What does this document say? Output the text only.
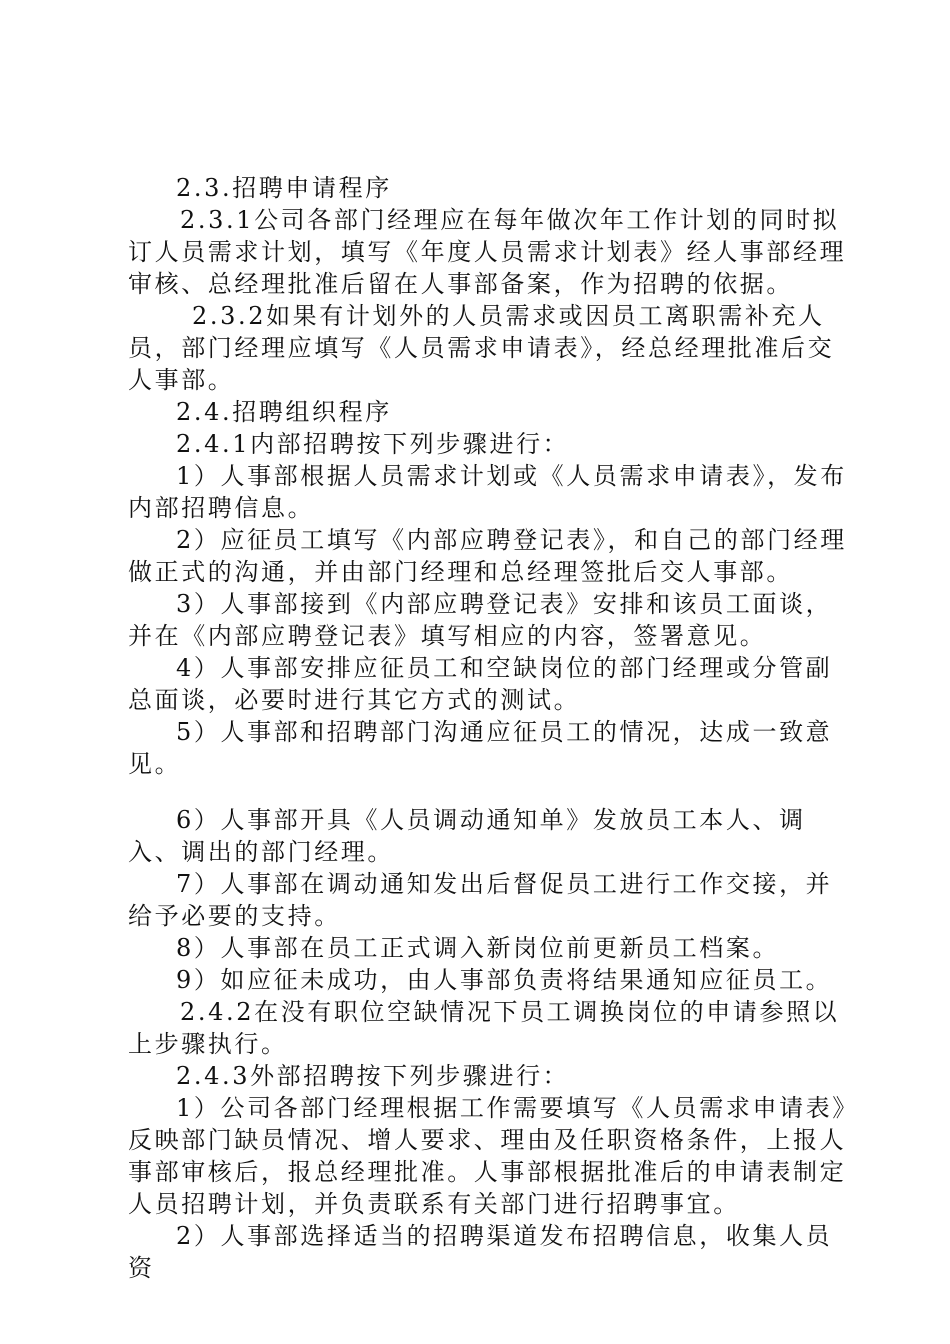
2.3.招聘申请程序

2.3.1公司各部门经理应在每年做次年工作计划的同时拟订人员需求计划，填写《年度人员需求计划表》经人事部经理审核、总经理批准后留在人事部备案，作为招聘的依据。

2.3.2如果有计划外的人员需求或因员工离职需补充人员，部门经理应填写《人员需求申请表》，经总经理批准后交人事部。

2.4.招聘组织程序

2.4.1内部招聘按下列步骤进行：

1）人事部根据人员需求计划或《人员需求申请表》，发布内部招聘信息。

2）应征员工填写《内部应聘登记表》，和自己的部门经理做正式的沟通，并由部门经理和总经理签批后交人事部。

3）人事部接到《内部应聘登记表》安排和该员工面谈，并在《内部应聘登记表》填写相应的内容，签署意见。

4）人事部安排应征员工和空缺岗位的部门经理或分管副总面谈，必要时进行其它方式的测试。

5）人事部和招聘部门沟通应征员工的情况，达成一致意见。

6）人事部开具《人员调动通知单》发放员工本人、调入、调出的部门经理。

7）人事部在调动通知发出后督促员工进行工作交接，并给予必要的支持。

8）人事部在员工正式调入新岗位前更新员工档案。

9）如应征未成功，由人事部负责将结果通知应征员工。

2.4.2在没有职位空缺情况下员工调换岗位的申请参照以上步骤执行。

2.4.3外部招聘按下列步骤进行：

1）公司各部门经理根据工作需要填写《人员需求申请表》反映部门缺员情况、增人要求、理由及任职资格条件，上报人事部审核后，报总经理批准。人事部根据批准后的申请表制定人员招聘计划，并负责联系有关部门进行招聘事宜。

2）人事部选择适当的招聘渠道发布招聘信息，收集人员资
